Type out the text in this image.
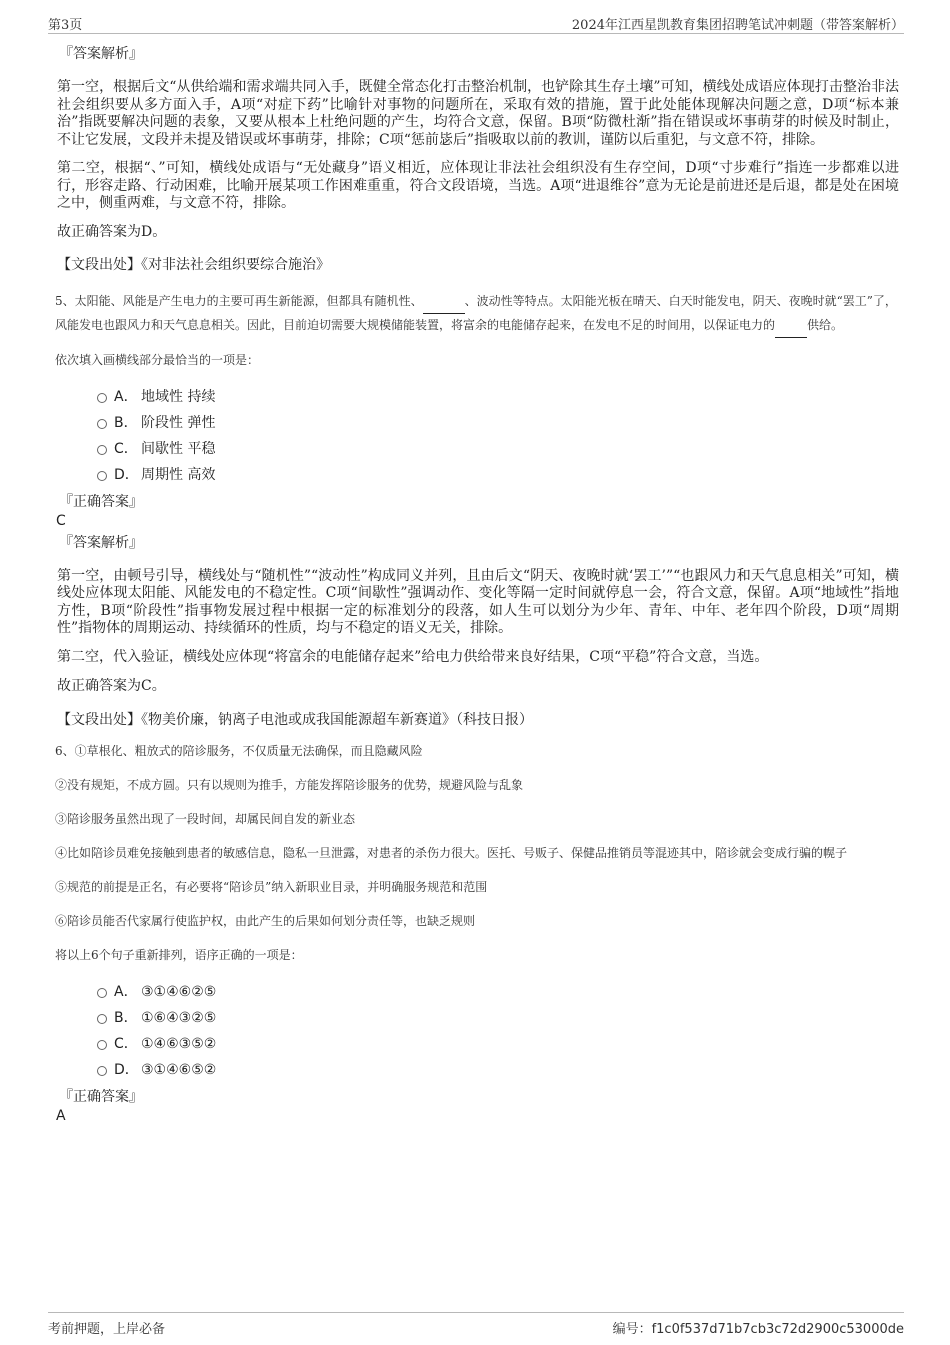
第3页	2024年江西星凯教育集团招聘笔试冲刺题（带答案解析）
『答案解析』
第一空，根据后文“从供给端和需求端共同入手，既健全常态化打击整治机制，也铲除其生存土壤”可知，横线处成语应体现打击整治非法社会组织要从多方面入手，A项“对症下药”比喻针对事物的问题所在，采取有效的措施，置于此处能体现解决问题之意，D项“标本兼治”指既要解决问题的表象，又要从根本上杜绝问题的产生，均符合文意，保留。B项“防微杜渐”指在错误或坏事萌芽的时候及时制止，不让它发展，文段并未提及错误或坏事萌芽，排除；C项“惩前毖后”指吸取以前的教训，谨防以后重犯，与文意不符，排除。
第二空，根据“、”可知，横线处成语与“无处藏身”语义相近，应体现让非法社会组织没有生存空间，D项“寸步难行”指连一步都难以进行，形容走路、行动困难，比喻开展某项工作困难重重，符合文段语境，当选。A项“进退维谷”意为无论是前进还是后退，都是处在困境之中，侧重两难，与文意不符，排除。
故正确答案为D。
【文段出处】《对非法社会组织要综合施治》
5、太阳能、风能是产生电力的主要可再生新能源，但都具有随机性、	、波动性等特点。太阳能光板在晴天、白天时能发电，阴天、夜晚时就“罢工”了，风能发电也跟风力和天气息息相关。因此，目前迫切需要大规模储能装置，将富余的电能储存起来，在发电不足的时间用，以保证电力的	供给。
依次填入画横线部分最恰当的一项是：
A． 地域性 持续
B． 阶段性 弹性
C． 间歇性 平稳
D． 周期性 高效
『正确答案』
C
『答案解析』
第一空，由顿号引导，横线处与“随机性”“波动性”构成同义并列，且由后文“阴天、夜晚时就‘罢工’”“也跟风力和天气息息相关”可知，横线处应体现太阳能、风能发电的不稳定性。C项“间歇性”强调动作、变化等隔一定时间就停息一会，符合文意，保留。A项“地域性”指地方性，B项“阶段性”指事物发展过程中根据一定的标准划分的段落，如人生可以划分为少年、青年、中年、老年四个阶段，D项“周期性”指物体的周期运动、持续循环的性质，均与不稳定的语义无关，排除。
第二空，代入验证，横线处应体现“将富余的电能储存起来”给电力供给带来良好结果，C项“平稳”符合文意，当选。
故正确答案为C。
【文段出处】《物美价廉，钠离子电池或成我国能源超车新赛道》（科技日报）
6、①草根化、粗放式的陪诊服务，不仅质量无法确保，而且隐藏风险
②没有规矩，不成方圆。只有以规则为推手，方能发挥陪诊服务的优势，规避风险与乱象
③陪诊服务虽然出现了一段时间，却属民间自发的新业态
④比如陪诊员难免接触到患者的敏感信息，隐私一旦泄露，对患者的杀伤力很大。医托、号贩子、保健品推销员等混迹其中，陪诊就会变成行骗的幌子
⑤规范的前提是正名，有必要将“陪诊员”纳入新职业目录，并明确服务规范和范围
⑥陪诊员能否代家属行使监护权，由此产生的后果如何划分责任等，也缺乏规则
将以上6个句子重新排列，语序正确的一项是：
A． ③①④⑥②⑤
B． ①⑥④③②⑤
C． ①④⑥③⑤②
D． ③①④⑥⑤②
『正确答案』
A
考前押题，上岸必备	编号：f1c0f537d71b7cb3c72d2900c53000de
